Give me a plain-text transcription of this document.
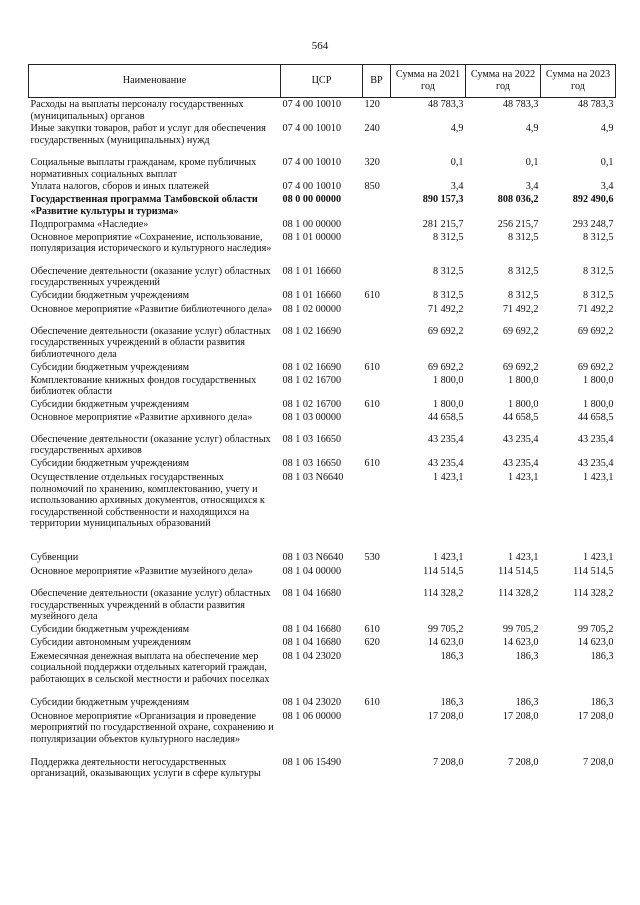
564
Наименование	ЦСР	ВР	Сумма на 2021 год	Сумма на 2022 год	Сумма на 2023 год
Расходы на выплаты персоналу государственных (муниципальных) органов	07 4 00 10010	120	48 783,3	48 783,3	48 783,3
Иные закупки товаров, работ и услуг для обеспечения государственных (муниципальных) нужд	07 4 00 10010	240	4,9	4,9	4,9
Социальные выплаты гражданам, кроме публичных нормативных социальных выплат	07 4 00 10010	320	0,1	0,1	0,1
Уплата налогов, сборов и иных платежей	07 4 00 10010	850	3,4	3,4	3,4
Государственная программа Тамбовской области «Развитие культуры и туризма»	08 0 00 00000		890 157,3	808 036,2	892 490,6
Подпрограмма «Наследие»	08 1 00 00000		281 215,7	256 215,7	293 248,7
Основное мероприятие «Сохранение, использование, популяризация исторического и культурного наследия»	08 1 01 00000		8 312,5	8 312,5	8 312,5
Обеспечение деятельности (оказание услуг) областных государственных учреждений	08 1 01 16660		8 312,5	8 312,5	8 312,5
Субсидии бюджетным учреждениям	08 1 01 16660	610	8 312,5	8 312,5	8 312,5
Основное мероприятие «Развитие библиотечного дела»	08 1 02 00000		71 492,2	71 492,2	71 492,2
Обеспечение деятельности (оказание услуг) областных государственных учреждений в области развития библиотечного дела	08 1 02 16690		69 692,2	69 692,2	69 692,2
Субсидии бюджетным учреждениям	08 1 02 16690	610	69 692,2	69 692,2	69 692,2
Комплектование книжных фондов государственных библиотек области	08 1 02 16700		1 800,0	1 800,0	1 800,0
Субсидии бюджетным учреждениям	08 1 02 16700	610	1 800,0	1 800,0	1 800,0
Основное мероприятие «Развитие архивного дела»	08 1 03 00000		44 658,5	44 658,5	44 658,5
Обеспечение деятельности (оказание услуг) областных государственных архивов	08 1 03 16650		43 235,4	43 235,4	43 235,4
Субсидии бюджетным учреждениям	08 1 03 16650	610	43 235,4	43 235,4	43 235,4
Осуществление отдельных государственных полномочий по хранению, комплектованию, учету и использованию архивных документов, относящихся к государственной собственности и находящихся на территории муниципальных образований	08 1 03 N6640		1 423,1	1 423,1	1 423,1
Субвенции	08 1 03 N6640	530	1 423,1	1 423,1	1 423,1
Основное мероприятие «Развитие музейного дела»	08 1 04 00000		114 514,5	114 514,5	114 514,5
Обеспечение деятельности (оказание услуг) областных государственных учреждений в области развития музейного дела	08 1 04 16680		114 328,2	114 328,2	114 328,2
Субсидии бюджетным учреждениям	08 1 04 16680	610	99 705,2	99 705,2	99 705,2
Субсидии автономным учреждениям	08 1 04 16680	620	14 623,0	14 623,0	14 623,0
Ежемесячная денежная выплата на обеспечение мер социальной поддержки отдельных категорий граждан, работающих в сельской местности и рабочих поселках	08 1 04 23020		186,3	186,3	186,3
Субсидии бюджетным учреждениям	08 1 04 23020	610	186,3	186,3	186,3
Основное мероприятие «Организация и проведение мероприятий по государственной охране, сохранению и популяризации объектов культурного наследия»	08 1 06 00000		17 208,0	17 208,0	17 208,0
Поддержка деятельности негосударственных организаций, оказывающих услуги в сфере культуры	08 1 06 15490		7 208,0	7 208,0	7 208,0
